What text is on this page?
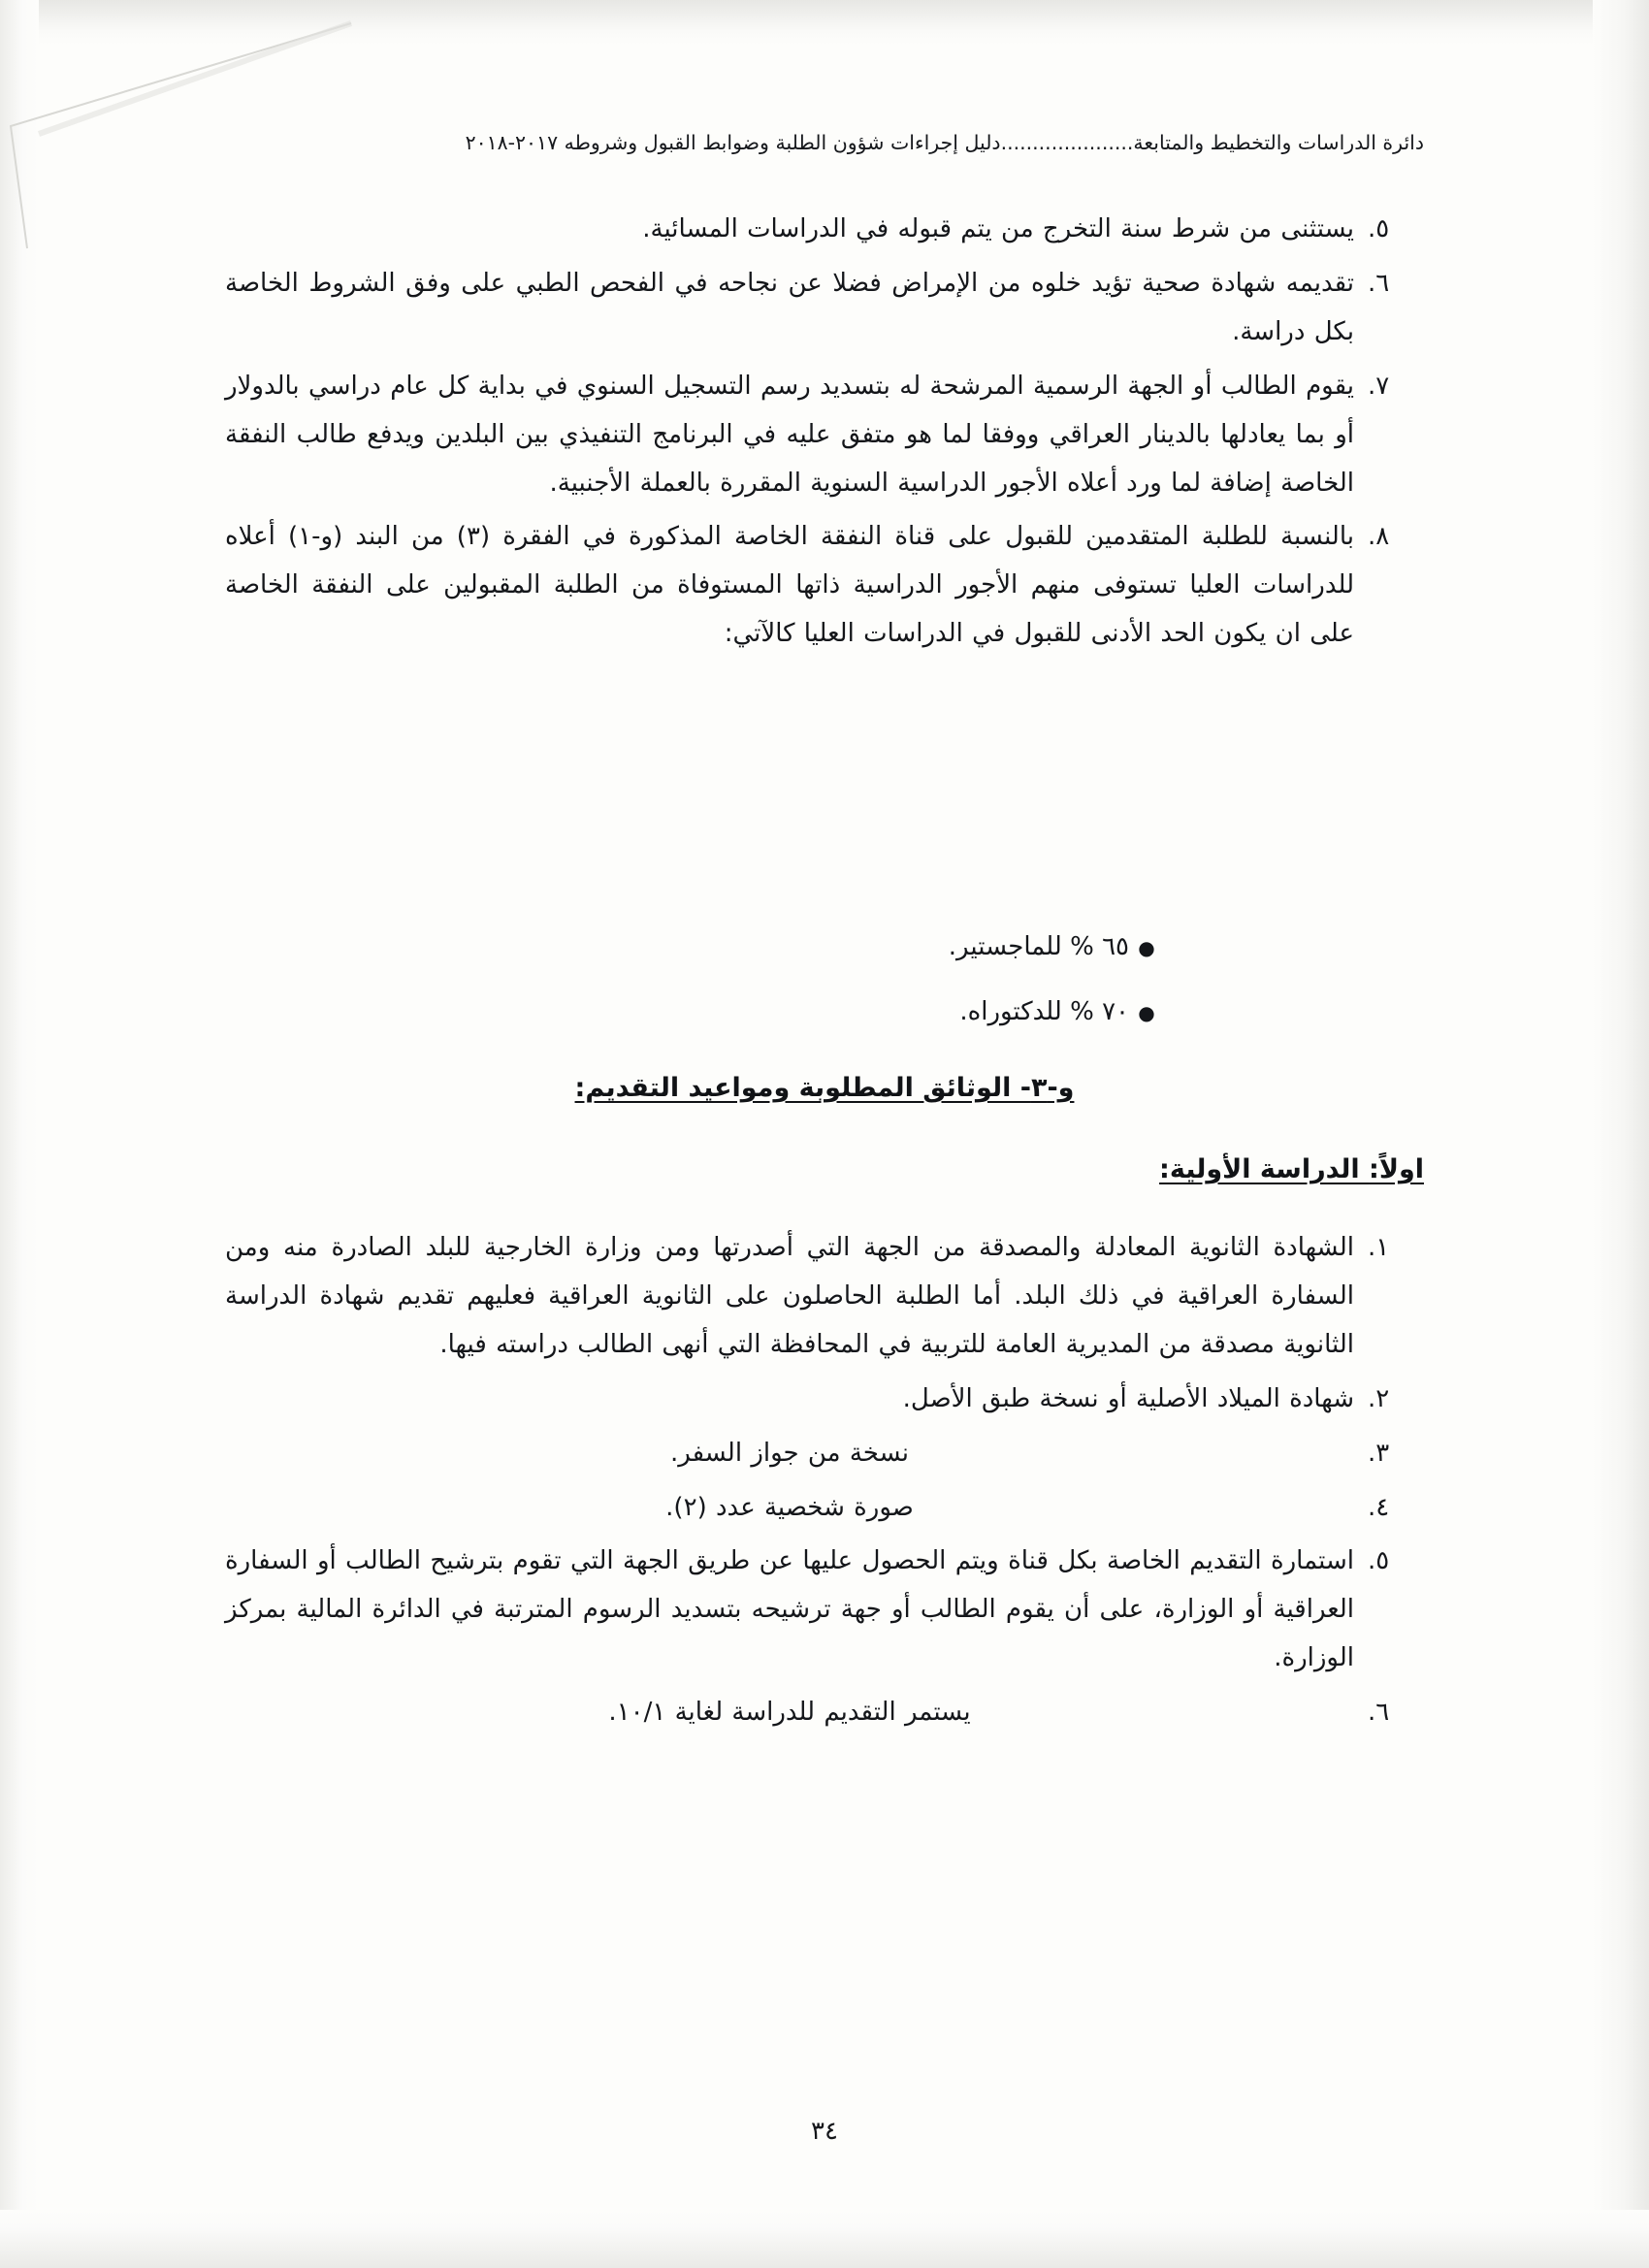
دائرة الدراسات والتخطيط والمتابعة.....................دليل إجراءات شؤون الطلبة وضوابط القبول وشروطه ٢٠١٧-٢٠١٨
٥.
يستثنى من شرط سنة التخرج من يتم قبوله في الدراسات المسائية.
٦.
تقديمه شهادة صحية تؤيد خلوه من الإمراض فضلا عن نجاحه في الفحص الطبي على وفق الشروط الخاصة بكل دراسة.
٧.
يقوم الطالب أو الجهة الرسمية المرشحة له بتسديد رسم التسجيل السنوي في بداية كل عام دراسي بالدولار أو بما يعادلها بالدينار العراقي ووفقا لما هو متفق عليه في البرنامج التنفيذي بين البلدين ويدفع طالب النفقة الخاصة إضافة لما ورد أعلاه الأجور الدراسية السنوية المقررة بالعملة الأجنبية.
٨.
بالنسبة للطلبة المتقدمين للقبول على قناة النفقة الخاصة المذكورة في الفقرة (٣) من البند (و-١) أعلاه للدراسات العليا تستوفى منهم الأجور الدراسية ذاتها المستوفاة من الطلبة المقبولين على النفقة الخاصة على ان يكون الحد الأدنى للقبول في الدراسات العليا كالآتي:
●
٦٥ % للماجستير.
●
٧٠ % للدكتوراه.
و-٣- الوثائق المطلوبة ومواعيد التقديم:
اولاً: الدراسة الأولية:
١.
الشهادة الثانوية المعادلة والمصدقة من الجهة التي أصدرتها ومن وزارة الخارجية للبلد الصادرة منه ومن السفارة العراقية في ذلك البلد. أما الطلبة الحاصلون على الثانوية العراقية فعليهم تقديم شهادة الدراسة الثانوية مصدقة من المديرية العامة للتربية في المحافظة التي أنهى الطالب دراسته فيها.
٢.
شهادة الميلاد الأصلية أو نسخة طبق الأصل.
٣.
نسخة من جواز السفر.
٤.
صورة شخصية عدد (٢).
٥.
استمارة التقديم الخاصة بكل قناة ويتم الحصول عليها عن طريق الجهة التي تقوم بترشيح الطالب أو السفارة العراقية أو الوزارة، على أن يقوم الطالب أو جهة ترشيحه بتسديد الرسوم المترتبة في الدائرة المالية بمركز الوزارة.
٦.
يستمر التقديم للدراسة لغاية ١٠/١.
٣٤
